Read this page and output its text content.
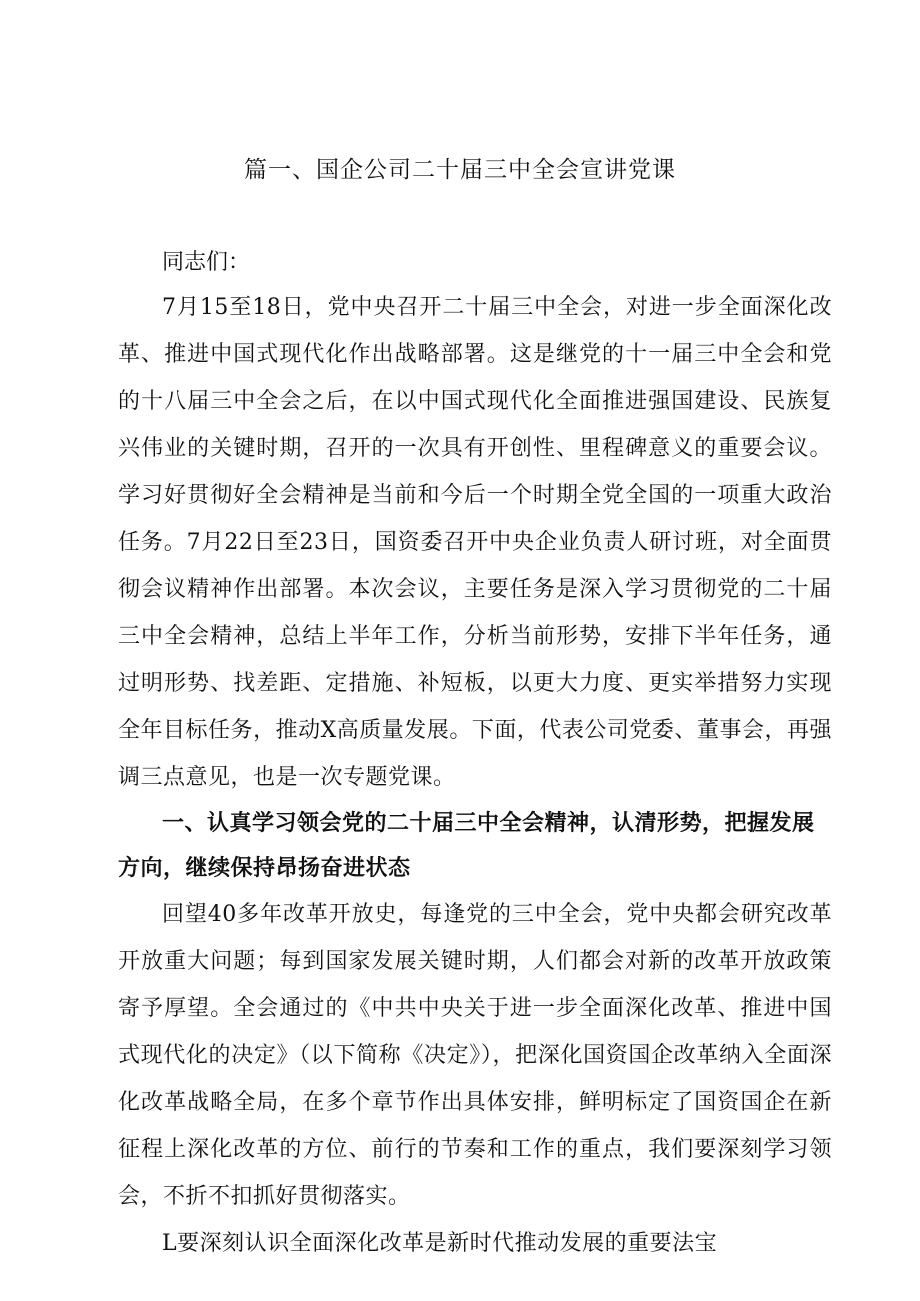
篇一、国企公司二十届三中全会宣讲党课

同志们：

7月15至18日，党中央召开二十届三中全会，对进一步全面深化改革、推进中国式现代化作出战略部署。这是继党的十一届三中全会和党的十八届三中全会之后，在以中国式现代化全面推进强国建设、民族复兴伟业的关键时期，召开的一次具有开创性、里程碑意义的重要会议。学习好贯彻好全会精神是当前和今后一个时期全党全国的一项重大政治任务。7月22日至23日，国资委召开中央企业负责人研讨班，对全面贯彻会议精神作出部署。本次会议，主要任务是深入学习贯彻党的二十届三中全会精神，总结上半年工作，分析当前形势，安排下半年任务，通过明形势、找差距、定措施、补短板，以更大力度、更实举措努力实现全年目标任务，推动X高质量发展。下面，代表公司党委、董事会，再强调三点意见，也是一次专题党课。

一、认真学习领会党的二十届三中全会精神，认清形势，把握发展方向，继续保持昂扬奋进状态

回望40多年改革开放史，每逢党的三中全会，党中央都会研究改革开放重大问题；每到国家发展关键时期，人们都会对新的改革开放政策寄予厚望。全会通过的《中共中央关于进一步全面深化改革、推进中国式现代化的决定》（以下简称《决定》），把深化国资国企改革纳入全面深化改革战略全局，在多个章节作出具体安排，鲜明标定了国资国企在新征程上深化改革的方位、前行的节奏和工作的重点，我们要深刻学习领会，不折不扣抓好贯彻落实。

L要深刻认识全面深化改革是新时代推动发展的重要法宝
